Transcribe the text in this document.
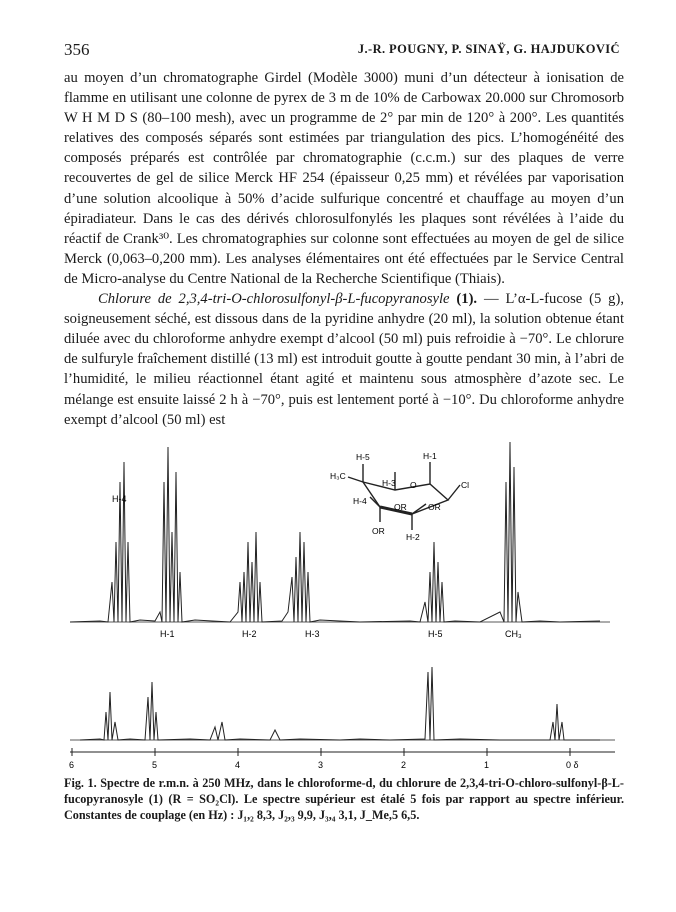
356	J.-R. POUGNY, P. SINAŸ, G. HAJDUKOVIĆ

au moyen d’un chromatographe Girdel (Modèle 3000) muni d’un détecteur à ionisation de flamme en utilisant une colonne de pyrex de 3 m de 10% de Carbowax 20.000 sur Chromosorb W H M D S (80–100 mesh), avec un programme de 2° par min de 120° à 200°. Les quantités relatives des composés séparés sont estimées par triangulation des pics. L’homogénéité des composés préparés est contrôlée par chromatographie (c.c.m.) sur des plaques de verre recouvertes de gel de silice Merck HF 254 (épaisseur 0,25 mm) et révélées par vaporisation d’une solution alcoolique à 50% d’acide sulfurique concentré et chauffage au moyen d’un épiradiateur. Dans le cas des dérivés chlorosulfonylés les plaques sont révélées à l’aide du réactif de Crank³⁰. Les chromatographies sur colonne sont effectuées au moyen de gel de silice Merck (0,063–0,200 mm). Les analyses élémentaires ont été effectuées par le Service Central de Micro-analyse du Centre National de la Recherche Scientifique (Thiais).

Chlorure de 2,3,4-tri-O-chlorosulfonyl-β-L-fucopyranosyle (1). — L’α-L-fucose (5 g), soigneusement séché, est dissous dans de la pyridine anhydre (20 ml), la solution obtenue étant diluée avec du chloroforme anhydre exempt d’alcool (50 ml) puis refroidie à −70°. Le chlorure de sulfuryle fraîchement distillé (13 ml) est introduit goutte à goutte pendant 30 min, à l’abri de l’humidité, le milieu réactionnel étant agité et maintenu sous atmosphère d’azote sec. Le mélange est ensuite laissé 2 h à −70°, puis est lentement porté à −10°. Du chloroforme anhydre exempt d’alcool (50 ml) est

H-4
H-1	H-2	H-3	H-5	CH₃
H-5	H-1
H₃C
H-3 O	Cl
H-4
OR	OR
OR
H-2
6	5	4	3	2	1	0 δ
Fig. 1. Spectre de r.m.n. à 250 MHz, dans le chloroforme-d, du chlorure de 2,3,4-tri-O-chloro-sulfonyl-β-L-fucopyranosyle (1) (R = SO₂Cl). Le spectre supérieur est étalé 5 fois par rapport au spectre inférieur. Constantes de couplage (en Hz) : J₁,₂ 8,3, J₂,₃ 9,9, J₃,₄ 3,1, J_Me,5 6,5.
